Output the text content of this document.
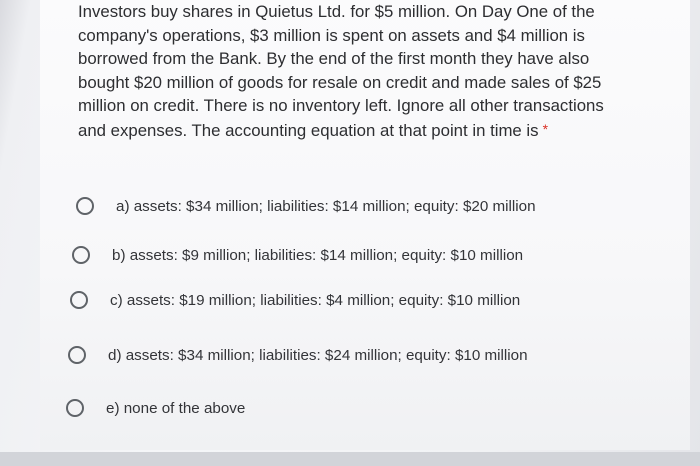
Investors buy shares in Quietus Ltd. for $5 million. On Day One of the
company's operations, $3 million is spent on assets and $4 million is
borrowed from the Bank. By the end of the first month they have also
bought $20 million of goods for resale on credit and made sales of $25
million on credit. There is no inventory left. Ignore all other transactions
and expenses. The accounting equation at that point in time is *

a) assets: $34 million; liabilities: $14 million; equity: $20 million
b) assets: $9 million; liabilities: $14 million; equity: $10 million
c) assets: $19 million; liabilities: $4 million; equity: $10 million
d) assets: $34 million; liabilities: $24 million; equity: $10 million
e) none of the above
